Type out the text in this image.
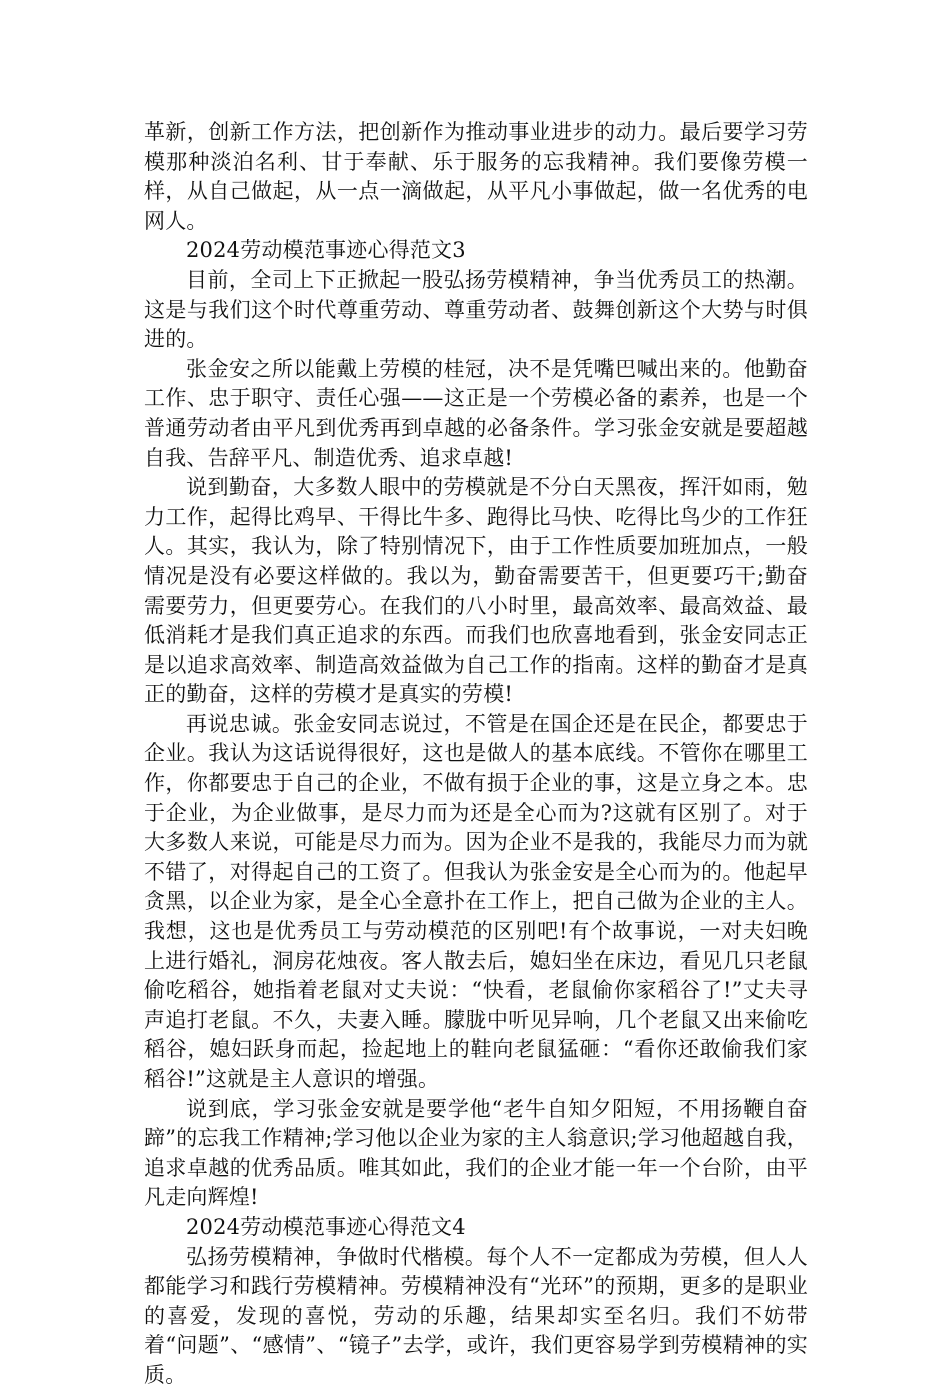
革新，创新工作方法，把创新作为推动事业进步的动力。最后要学习劳模那种淡泊名利、甘于奉献、乐于服务的忘我精神。我们要像劳模一样，从自己做起，从一点一滴做起，从平凡小事做起，做一名优秀的电网人。

2024劳动模范事迹心得范文3

目前，全司上下正掀起一股弘扬劳模精神，争当优秀员工的热潮。这是与我们这个时代尊重劳动、尊重劳动者、鼓舞创新这个大势与时俱进的。

张金安之所以能戴上劳模的桂冠，决不是凭嘴巴喊出来的。他勤奋工作、忠于职守、责任心强——这正是一个劳模必备的素养，也是一个普通劳动者由平凡到优秀再到卓越的必备条件。学习张金安就是要超越自我、告辞平凡、制造优秀、追求卓越!

说到勤奋，大多数人眼中的劳模就是不分白天黑夜，挥汗如雨，勉力工作，起得比鸡早、干得比牛多、跑得比马快、吃得比鸟少的工作狂人。其实，我认为，除了特别情况下，由于工作性质要加班加点，一般情况是没有必要这样做的。我以为，勤奋需要苦干，但更要巧干;勤奋需要劳力，但更要劳心。在我们的八小时里，最高效率、最高效益、最低消耗才是我们真正追求的东西。而我们也欣喜地看到，张金安同志正是以追求高效率、制造高效益做为自己工作的指南。这样的勤奋才是真正的勤奋，这样的劳模才是真实的劳模!

再说忠诚。张金安同志说过，不管是在国企还是在民企，都要忠于企业。我认为这话说得很好，这也是做人的基本底线。不管你在哪里工作，你都要忠于自己的企业，不做有损于企业的事，这是立身之本。忠于企业，为企业做事，是尽力而为还是全心而为?这就有区别了。对于大多数人来说，可能是尽力而为。因为企业不是我的，我能尽力而为就不错了，对得起自己的工资了。但我认为张金安是全心而为的。他起早贪黑，以企业为家，是全心全意扑在工作上，把自己做为企业的主人。我想，这也是优秀员工与劳动模范的区别吧!有个故事说，一对夫妇晚上进行婚礼，洞房花烛夜。客人散去后，媳妇坐在床边，看见几只老鼠偷吃稻谷，她指着老鼠对丈夫说：“快看，老鼠偷你家稻谷了!”丈夫寻声追打老鼠。不久，夫妻入睡。朦胧中听见异响，几个老鼠又出来偷吃稻谷，媳妇跃身而起，捡起地上的鞋向老鼠猛砸：“看你还敢偷我们家稻谷!”这就是主人意识的增强。

说到底，学习张金安就是要学他“老牛自知夕阳短，不用扬鞭自奋蹄”的忘我工作精神;学习他以企业为家的主人翁意识;学习他超越自我，追求卓越的优秀品质。唯其如此，我们的企业才能一年一个台阶，由平凡走向辉煌!

2024劳动模范事迹心得范文4

弘扬劳模精神，争做时代楷模。每个人不一定都成为劳模，但人人都能学习和践行劳模精神。劳模精神没有“光环”的预期，更多的是职业的喜爱，发现的喜悦，劳动的乐趣，结果却实至名归。我们不妨带着“问题”、“感情”、“镜子”去学，或许，我们更容易学到劳模精神的实质。
